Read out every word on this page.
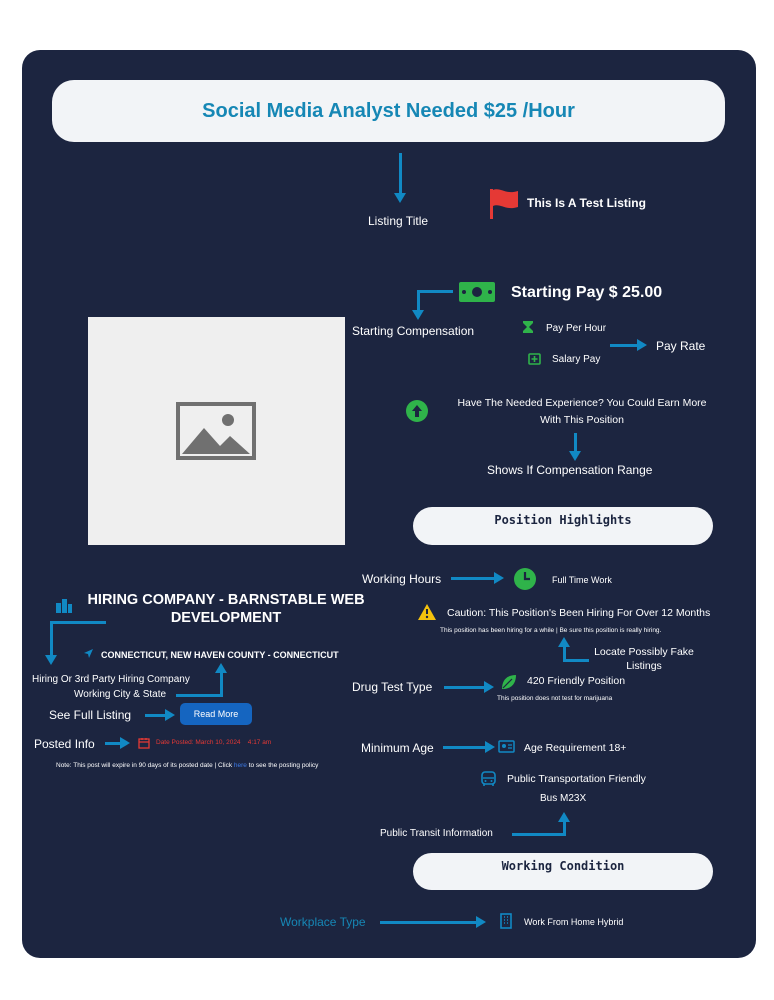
Social Media Analyst Needed $25 /Hour
Listing Title
This Is A Test Listing
Starting Pay $ 25.00
Starting Compensation	Pay Per Hour
Salary Pay
Pay Rate
Have The Needed Experience? You Could Earn More With This Position
Shows If Compensation Range
Position Highlights
Working Hours	Full Time Work
Caution: This Position's Been Hiring For Over 12 Months
This position has been hiring for a while | Be sure this position is really hiring.
Locate Possibly Fake Listings
Drug Test Type	420 Friendly Position
This position does not test for marijuana
Minimum Age	Age Requirement 18+
Public Transportation Friendly
Bus M23X
Public Transit Information
Working Condition
Workplace Type	Work From Home Hybrid
HIRING COMPANY - BARNSTABLE WEB DEVELOPMENT
CONNECTICUT, NEW HAVEN COUNTY - CONNECTICUT
Hiring Or 3rd Party Hiring Company
Working City & State
See Full Listing	Read More
Posted Info	Date Posted: March 10, 2024    4:17 am
Note: This post will expire in 90 days of its posted date | Click here to see the posting policy
